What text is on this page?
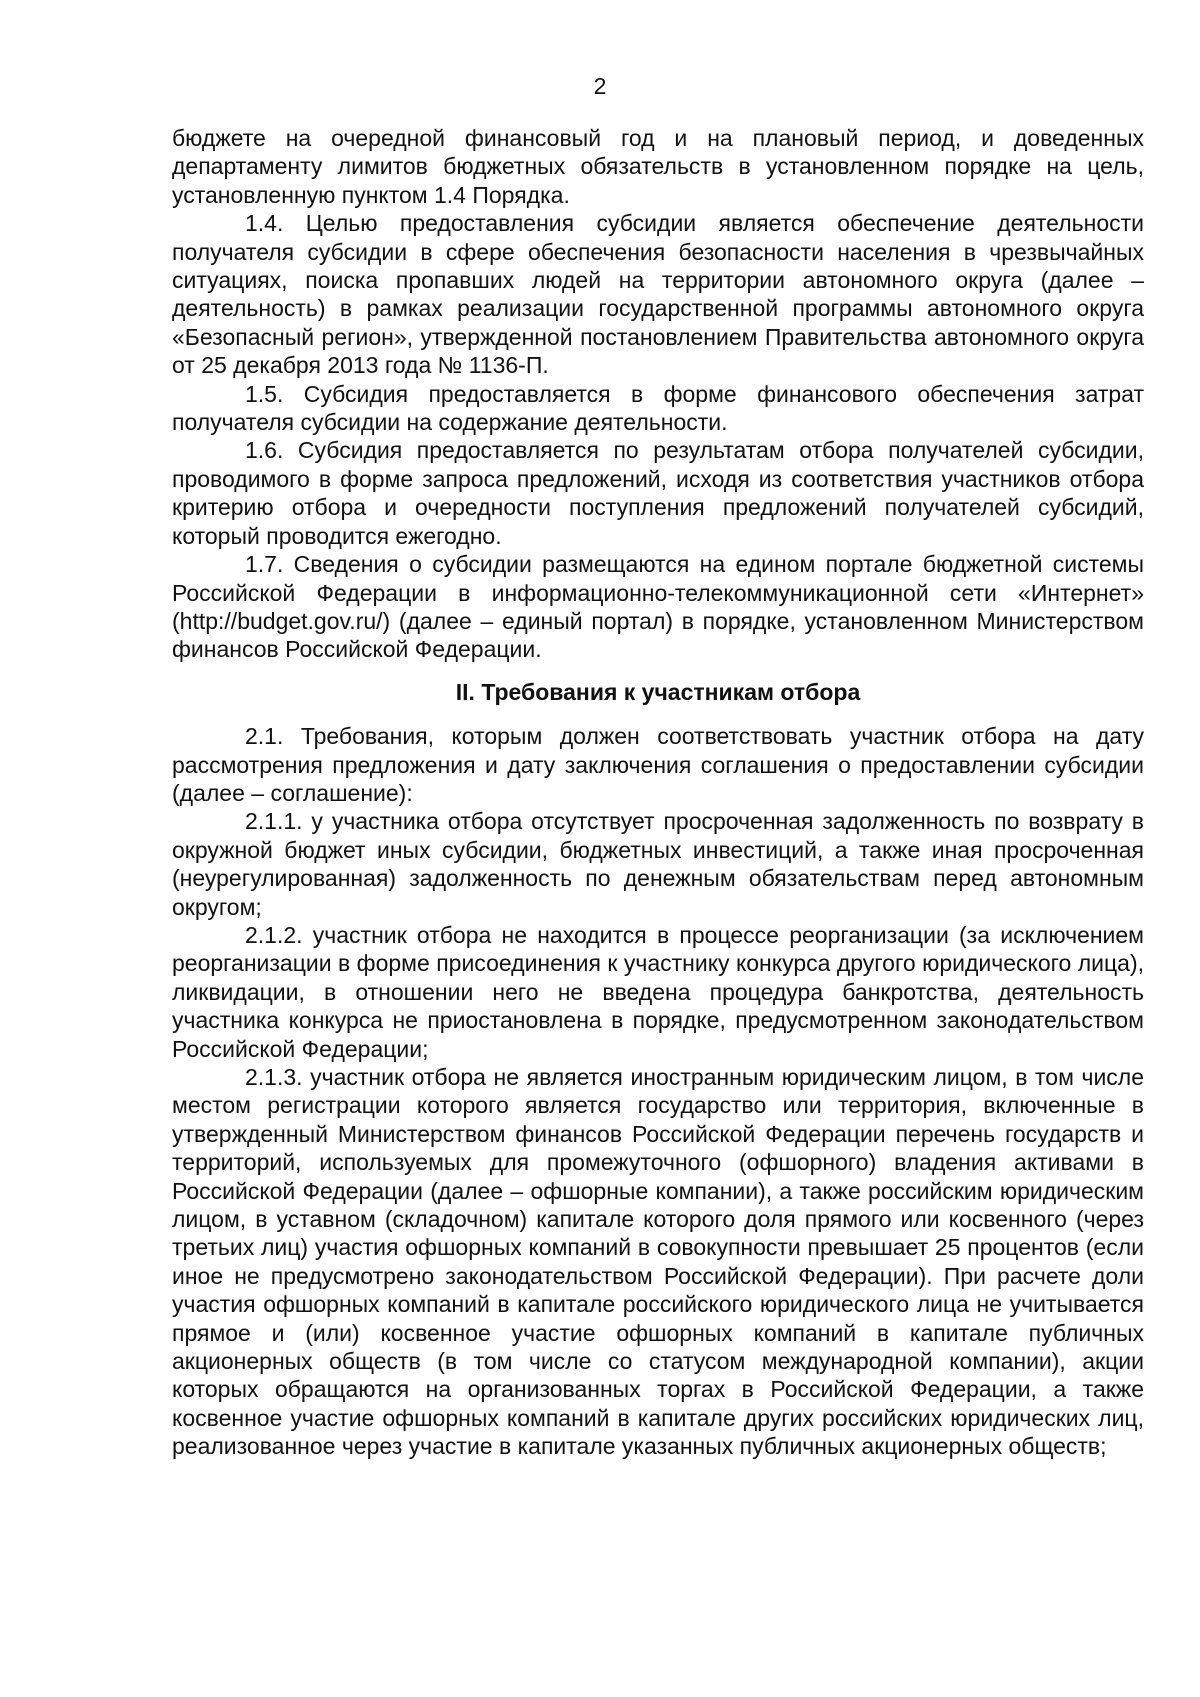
2

бюджете на очередной финансовый год и на плановый период, и доведенных департаменту лимитов бюджетных обязательств в установленном порядке на цель, установленную пунктом 1.4 Порядка.

1.4. Целью предоставления субсидии является обеспечение деятельности получателя субсидии в сфере обеспечения безопасности населения в чрезвычайных ситуациях, поиска пропавших людей на территории автономного округа (далее – деятельность) в рамках реализации государственной программы автономного округа «Безопасный регион», утвержденной постановлением Правительства автономного округа от 25 декабря 2013 года № 1136-П.

1.5. Субсидия предоставляется в форме финансового обеспечения затрат получателя субсидии на содержание деятельности.

1.6. Субсидия предоставляется по результатам отбора получателей субсидии, проводимого в форме запроса предложений, исходя из соответствия участников отбора критерию отбора и очередности поступления предложений получателей субсидий, который проводится ежегодно.

1.7. Сведения о субсидии размещаются на едином портале бюджетной системы Российской Федерации в информационно-телекоммуникационной сети «Интернет» (http://budget.gov.ru/) (далее – единый портал) в порядке, установленном Министерством финансов Российской Федерации.

II. Требования к участникам отбора

2.1. Требования, которым должен соответствовать участник отбора на дату рассмотрения предложения и дату заключения соглашения о предоставлении субсидии (далее – соглашение):

2.1.1. у участника отбора отсутствует просроченная задолженность по возврату в окружной бюджет иных субсидии, бюджетных инвестиций, а также иная просроченная (неурегулированная) задолженность по денежным обязательствам перед автономным округом;

2.1.2. участник отбора не находится в процессе реорганизации (за исключением реорганизации в форме присоединения к участнику конкурса другого юридического лица), ликвидации, в отношении него не введена процедура банкротства, деятельность участника конкурса не приостановлена в порядке, предусмотренном законодательством Российской Федерации;

2.1.3. участник отбора не является иностранным юридическим лицом, в том числе местом регистрации которого является государство или территория, включенные в утвержденный Министерством финансов Российской Федерации перечень государств и территорий, используемых для промежуточного (офшорного) владения активами в Российской Федерации (далее – офшорные компании), а также российским юридическим лицом, в уставном (складочном) капитале которого доля прямого или косвенного (через третьих лиц) участия офшорных компаний в совокупности превышает 25 процентов (если иное не предусмотрено законодательством Российской Федерации). При расчете доли участия офшорных компаний в капитале российского юридического лица не учитывается прямое и (или) косвенное участие офшорных компаний в капитале публичных акционерных обществ (в том числе со статусом международной компании), акции которых обращаются на организованных торгах в Российской Федерации, а также косвенное участие офшорных компаний в капитале других российских юридических лиц, реализованное через участие в капитале указанных публичных акционерных обществ;
